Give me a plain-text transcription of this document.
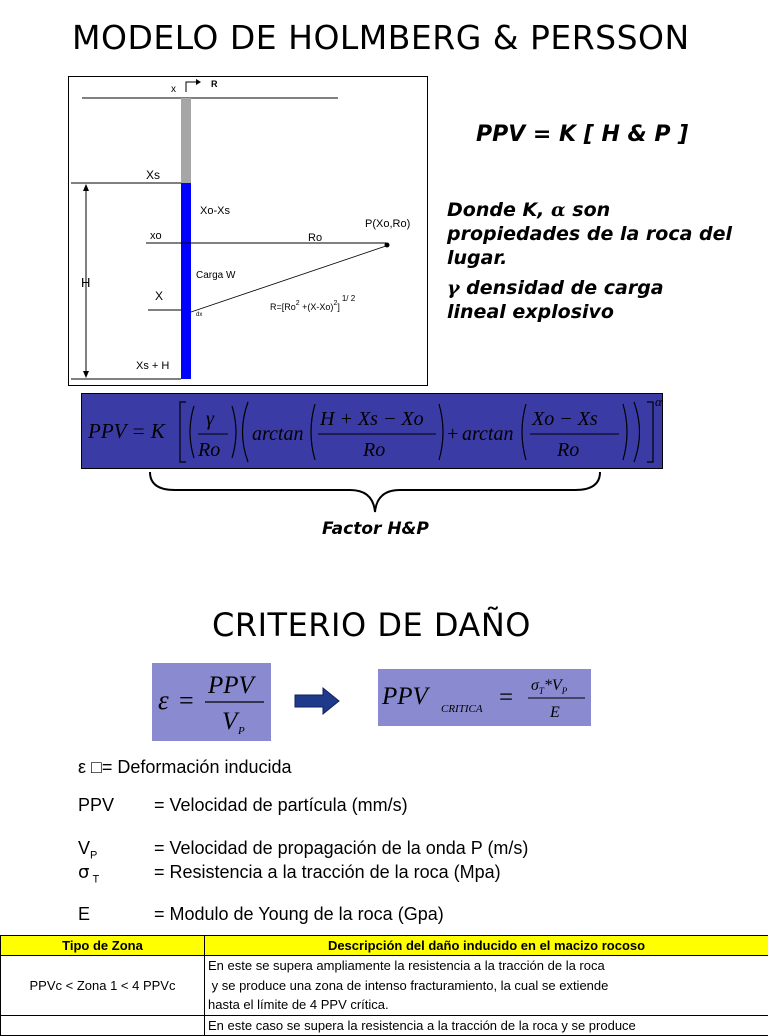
MODELO DE HOLMBERG & PERSSON
x	R
Xs
xo
Xo-Xs
Ro
P(Xo,Ro)
H	Carga W
X
dx
$R=[Ro^2 +(X-Xo)^2]1/$ 2
Xs + H
PPV = K [ H & P ]
Donde K, α son
propiedades de la roca del
lugar.
γ densidad de carga
lineal explosivo
PPV = K
α
γ
Ro
arctan
H + Xs − Xo
Ro
+ arctan
Xo − Xs
Ro
Factor H&P
CRITERIO DE DAÑO
ε =
PPV
V P
PPV CRITICA = $\sigma_T*V_P$
E
ε □= Deformación inducida
PPV = Velocidad de partícula (mm/s)
$V_P$	= Velocidad de propagación de la onda P (m/s)
σ $_T$	= Resistencia a la tracción de la roca (Mpa)
E	= Modulo de Young de la roca (Gpa)
Tipo de Zona	Descripción del daño inducido en el macizo rocoso
PPVc < Zona 1 < 4 PPVc	En este se supera ampliamente la resistencia a la tracción de la roca
y se produce una zona de intenso fracturamiento, la cual se extiende
hasta el límite de 4 PPV crítica.

	En este caso se supera la resistencia a la tracción de la roca y se produce
